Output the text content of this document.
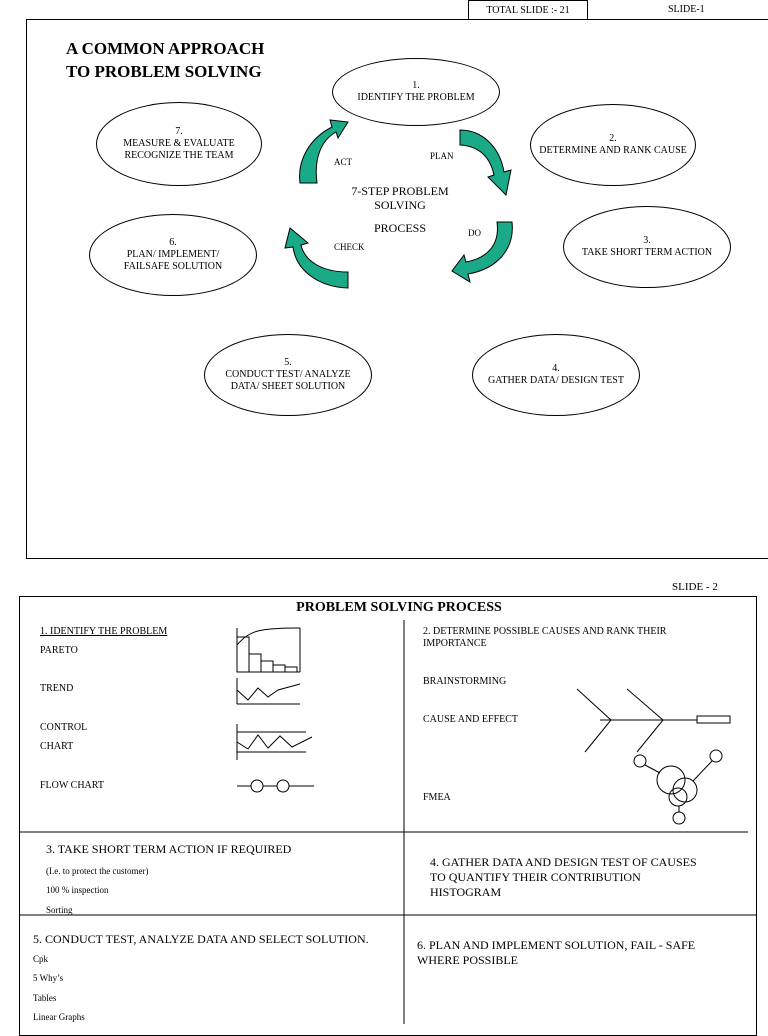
TOTAL SLIDE :- 21	SLIDE-1
A COMMON APPROACH
TO PROBLEM SOLVING
1.
IDENTIFY THE PROBLEM
2.
DETERMINE AND RANK CAUSE
3.
TAKE SHORT TERM ACTION
4.
GATHER DATA/ DESIGN TEST
5.
CONDUCT TEST/ ANALYZE
DATA/ SHEET SOLUTION
6.
PLAN/ IMPLEMENT/
FAILSAFE SOLUTION
7.
MEASURE & EVALUATE
RECOGNIZE THE TEAM
7-STEP PROBLEM
SOLVING
PROCESS
ACT
PLAN
CHECK
DO
SLIDE - 2
PROBLEM SOLVING PROCESS
1. IDENTIFY THE PROBLEM
PARETO
TREND
CONTROL
CHART
FLOW CHART
2. DETERMINE POSSIBLE CAUSES AND RANK THEIR
IMPORTANCE
BRAINSTORMING
CAUSE AND EFFECT
FMEA
3. TAKE SHORT TERM ACTION IF REQUIRED
(I.e. to protect the customer)
100 % inspection
Sorting
4. GATHER DATA AND DESIGN TEST OF CAUSES
TO QUANTIFY THEIR CONTRIBUTION
HISTOGRAM
5. CONDUCT TEST, ANALYZE DATA AND SELECT SOLUTION.
Cpk
5 Why’s
Tables
Linear Graphs
6. PLAN AND IMPLEMENT SOLUTION, FAIL - SAFE
WHERE POSSIBLE
